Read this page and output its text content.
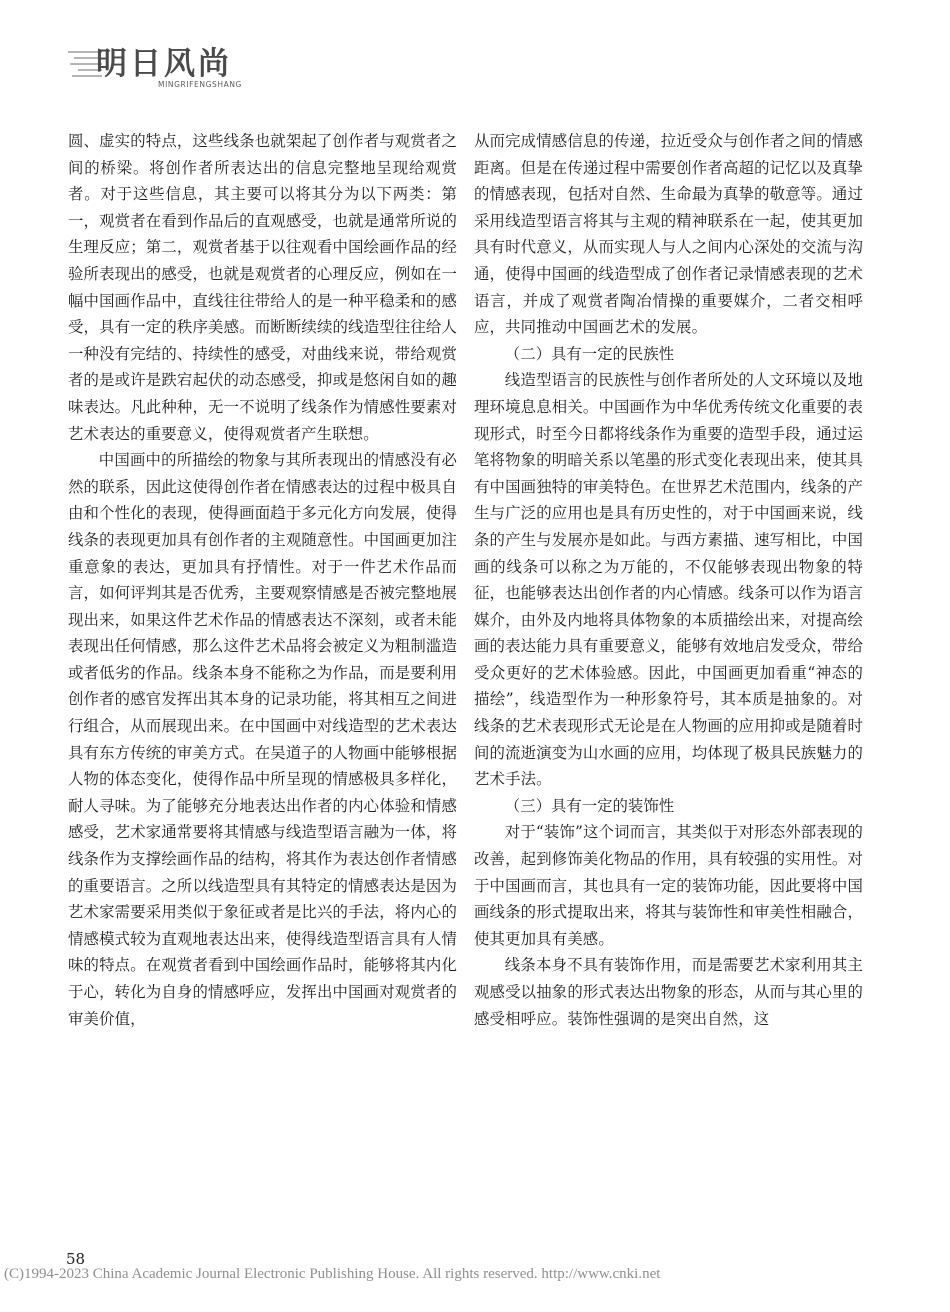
明日风尚
MINGRIFENGSHANG

圆、虚实的特点，这些线条也就架起了创作者与观赏者之间的桥梁。将创作者所表达出的信息完整地呈现给观赏者。对于这些信息，其主要可以将其分为以下两类：第一，观赏者在看到作品后的直观感受，也就是通常所说的生理反应；第二，观赏者基于以往观看中国绘画作品的经验所表现出的感受，也就是观赏者的心理反应，例如在一幅中国画作品中，直线往往带给人的是一种平稳柔和的感受，具有一定的秩序美感。而断断续续的线造型往往给人一种没有完结的、持续性的感受，对曲线来说，带给观赏者的是或许是跌宕起伏的动态感受，抑或是悠闲自如的趣味表达。凡此种种，无一不说明了线条作为情感性要素对艺术表达的重要意义，使得观赏者产生联想。

中国画中的所描绘的物象与其所表现出的情感没有必然的联系，因此这使得创作者在情感表达的过程中极具自由和个性化的表现，使得画面趋于多元化方向发展，使得线条的表现更加具有创作者的主观随意性。中国画更加注重意象的表达，更加具有抒情性。对于一件艺术作品而言，如何评判其是否优秀，主要观察情感是否被完整地展现出来，如果这件艺术作品的情感表达不深刻，或者未能表现出任何情感，那么这件艺术品将会被定义为粗制滥造或者低劣的作品。线条本身不能称之为作品，而是要利用创作者的感官发挥出其本身的记录功能，将其相互之间进行组合，从而展现出来。在中国画中对线造型的艺术表达具有东方传统的审美方式。在吴道子的人物画中能够根据人物的体态变化，使得作品中所呈现的情感极具多样化，耐人寻味。为了能够充分地表达出作者的内心体验和情感感受，艺术家通常要将其情感与线造型语言融为一体，将线条作为支撑绘画作品的结构，将其作为表达创作者情感的重要语言。之所以线造型具有其特定的情感表达是因为艺术家需要采用类似于象征或者是比兴的手法，将内心的情感模式较为直观地表达出来，使得线造型语言具有人情味的特点。在观赏者看到中国绘画作品时，能够将其内化于心，转化为自身的情感呼应，发挥出中国画对观赏者的审美价值，

从而完成情感信息的传递，拉近受众与创作者之间的情感距离。但是在传递过程中需要创作者高超的记忆以及真挚的情感表现，包括对自然、生命最为真挚的敬意等。通过采用线造型语言将其与主观的精神联系在一起，使其更加具有时代意义，从而实现人与人之间内心深处的交流与沟通，使得中国画的线造型成了创作者记录情感表现的艺术语言，并成了观赏者陶冶情操的重要媒介，二者交相呼应，共同推动中国画艺术的发展。

（二）具有一定的民族性

线造型语言的民族性与创作者所处的人文环境以及地理环境息息相关。中国画作为中华优秀传统文化重要的表现形式，时至今日都将线条作为重要的造型手段，通过运笔将物象的明暗关系以笔墨的形式变化表现出来，使其具有中国画独特的审美特色。在世界艺术范围内，线条的产生与广泛的应用也是具有历史性的，对于中国画来说，线条的产生与发展亦是如此。与西方素描、速写相比，中国画的线条可以称之为万能的，不仅能够表现出物象的特征，也能够表达出创作者的内心情感。线条可以作为语言媒介，由外及内地将具体物象的本质描绘出来，对提高绘画的表达能力具有重要意义，能够有效地启发受众，带给受众更好的艺术体验感。因此，中国画更加看重“神态的描绘”，线造型作为一种形象符号，其本质是抽象的。对线条的艺术表现形式无论是在人物画的应用抑或是随着时间的流逝演变为山水画的应用，均体现了极具民族魅力的艺术手法。

（三）具有一定的装饰性

对于“装饰”这个词而言，其类似于对形态外部表现的改善，起到修饰美化物品的作用，具有较强的实用性。对于中国画而言，其也具有一定的装饰功能，因此要将中国画线条的形式提取出来，将其与装饰性和审美性相融合，使其更加具有美感。

线条本身不具有装饰作用，而是需要艺术家利用其主观感受以抽象的形式表达出物象的形态，从而与其心里的感受相呼应。装饰性强调的是突出自然，这

58
(C)1994-2023 China Academic Journal Electronic Publishing House. All rights reserved. http://www.cnki.net
